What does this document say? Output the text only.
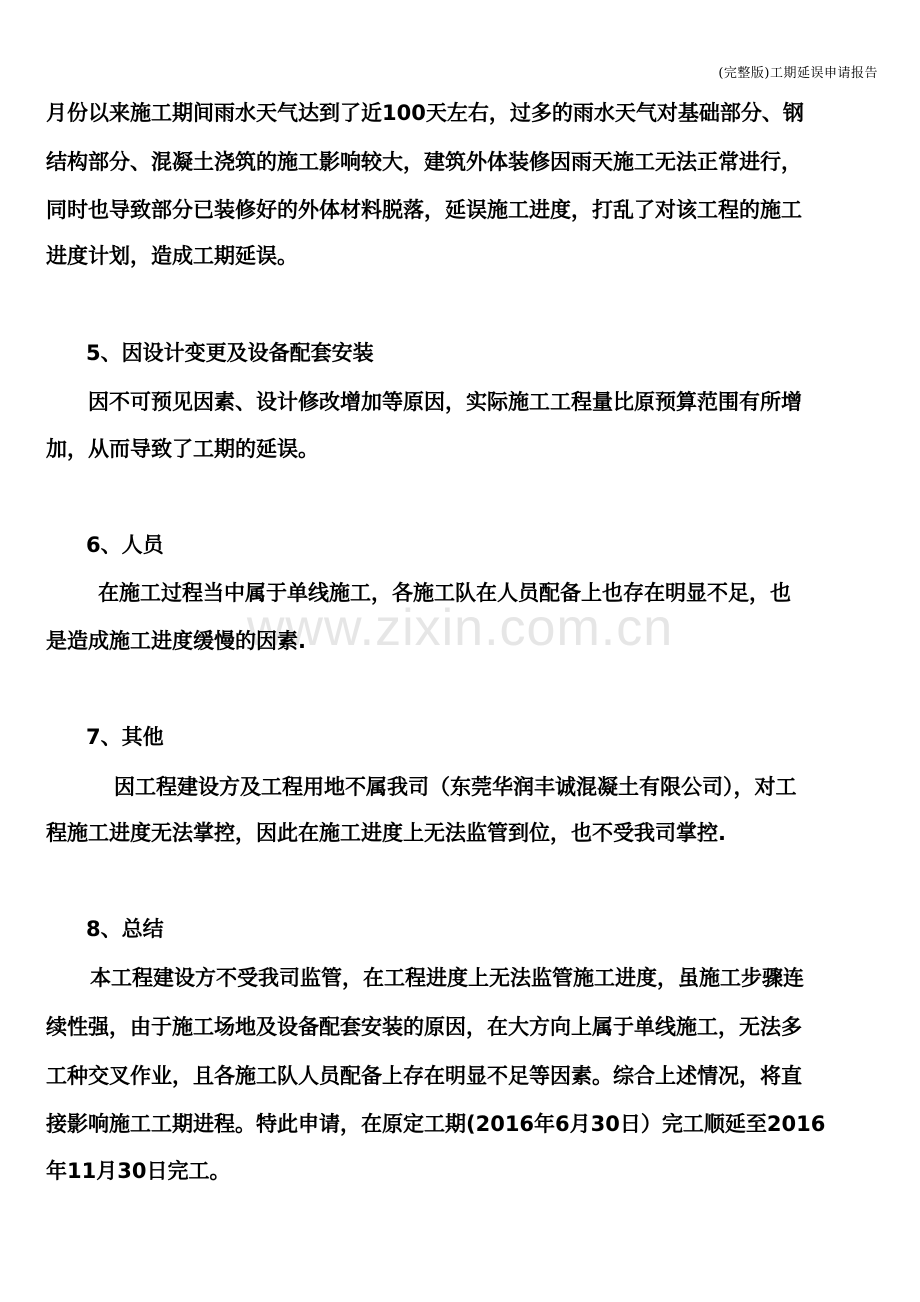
(完整版)工期延误申请报告
www.zixin.com.cn
月份以来施工期间雨水天气达到了近100天左右，过多的雨水天气对基础部分、钢
结构部分、混凝土浇筑的施工影响较大，建筑外体装修因雨天施工无法正常进行，
同时也导致部分已装修好的外体材料脱落，延误施工进度，打乱了对该工程的施工
进度计划，造成工期延误。
5、因设计变更及设备配套安装
因不可预见因素、设计修改增加等原因，实际施工工程量比原预算范围有所增
加，从而导致了工期的延误。
6、人员
在施工过程当中属于单线施工，各施工队在人员配备上也存在明显不足，也
是造成施工进度缓慢的因素.
7、其他
因工程建设方及工程用地不属我司（东莞华润丰诚混凝土有限公司），对工
程施工进度无法掌控，因此在施工进度上无法监管到位，也不受我司掌控.
8、总结
本工程建设方不受我司监管，在工程进度上无法监管施工进度，虽施工步骤连
续性强，由于施工场地及设备配套安装的原因，在大方向上属于单线施工，无法多
工种交叉作业，且各施工队人员配备上存在明显不足等因素。综合上述情况，将直
接影响施工工期进程。特此申请，在原定工期(2016年6月30日）完工顺延至2016
年11月30日完工。
